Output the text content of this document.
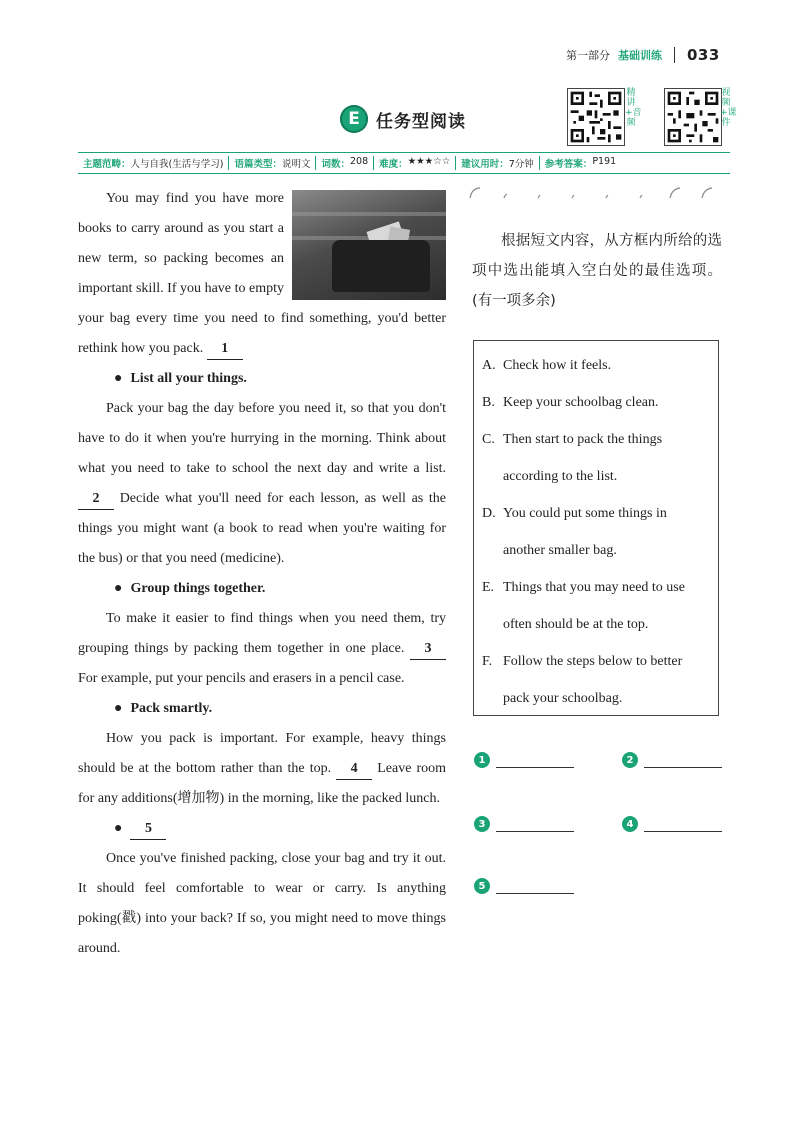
第一部分 基础训练 033
E 任务型阅读
精讲+音频
视频+课件
主题范畴： 人与自我(生活与学习) 语篇类型： 说明文 词数： 208 难度： ★★★☆☆ 建议用时： 7分钟 参考答案： P191

You may find you have more books to carry around as you start a new term, so packing becomes an important skill. If you have to empty your bag every time you need to find something, you'd better rethink how you pack. 1

● List all your things.

Pack your bag the day before you need it, so that you don't have to do it when you're hurrying in the morning. Think about what you need to take to school the next day and write a list. 2 Decide what you'll need for each lesson, as well as the things you might want (a book to read when you're waiting for the bus) or that you need (medicine).

● Group things together.

To make it easier to find things when you need them, try grouping things by packing them together in one place. 3 For example, put your pencils and erasers in a pencil case.

● Pack smartly.

How you pack is important. For example, heavy things should be at the bottom rather than the top. 4 Leave room for any additions(增加物) in the morning, like the packed lunch.

● 5

Once you've finished packing, close your bag and try it out. It should feel comfortable to wear or carry. Is anything poking(戳) into your back? If so, you might need to move things around.

根据短文内容，从方框内所给的选项中选出能填入空白处的最佳选项。(有一项多余)
A. Check how it feels.
B. Keep your schoolbag clean.
C. Then start to pack the things according to the list.
D. You could put some things in another smaller bag.
E. Things that you may need to use often should be at the top.
F. Follow the steps below to better pack your schoolbag.
1	2
3	4
5
